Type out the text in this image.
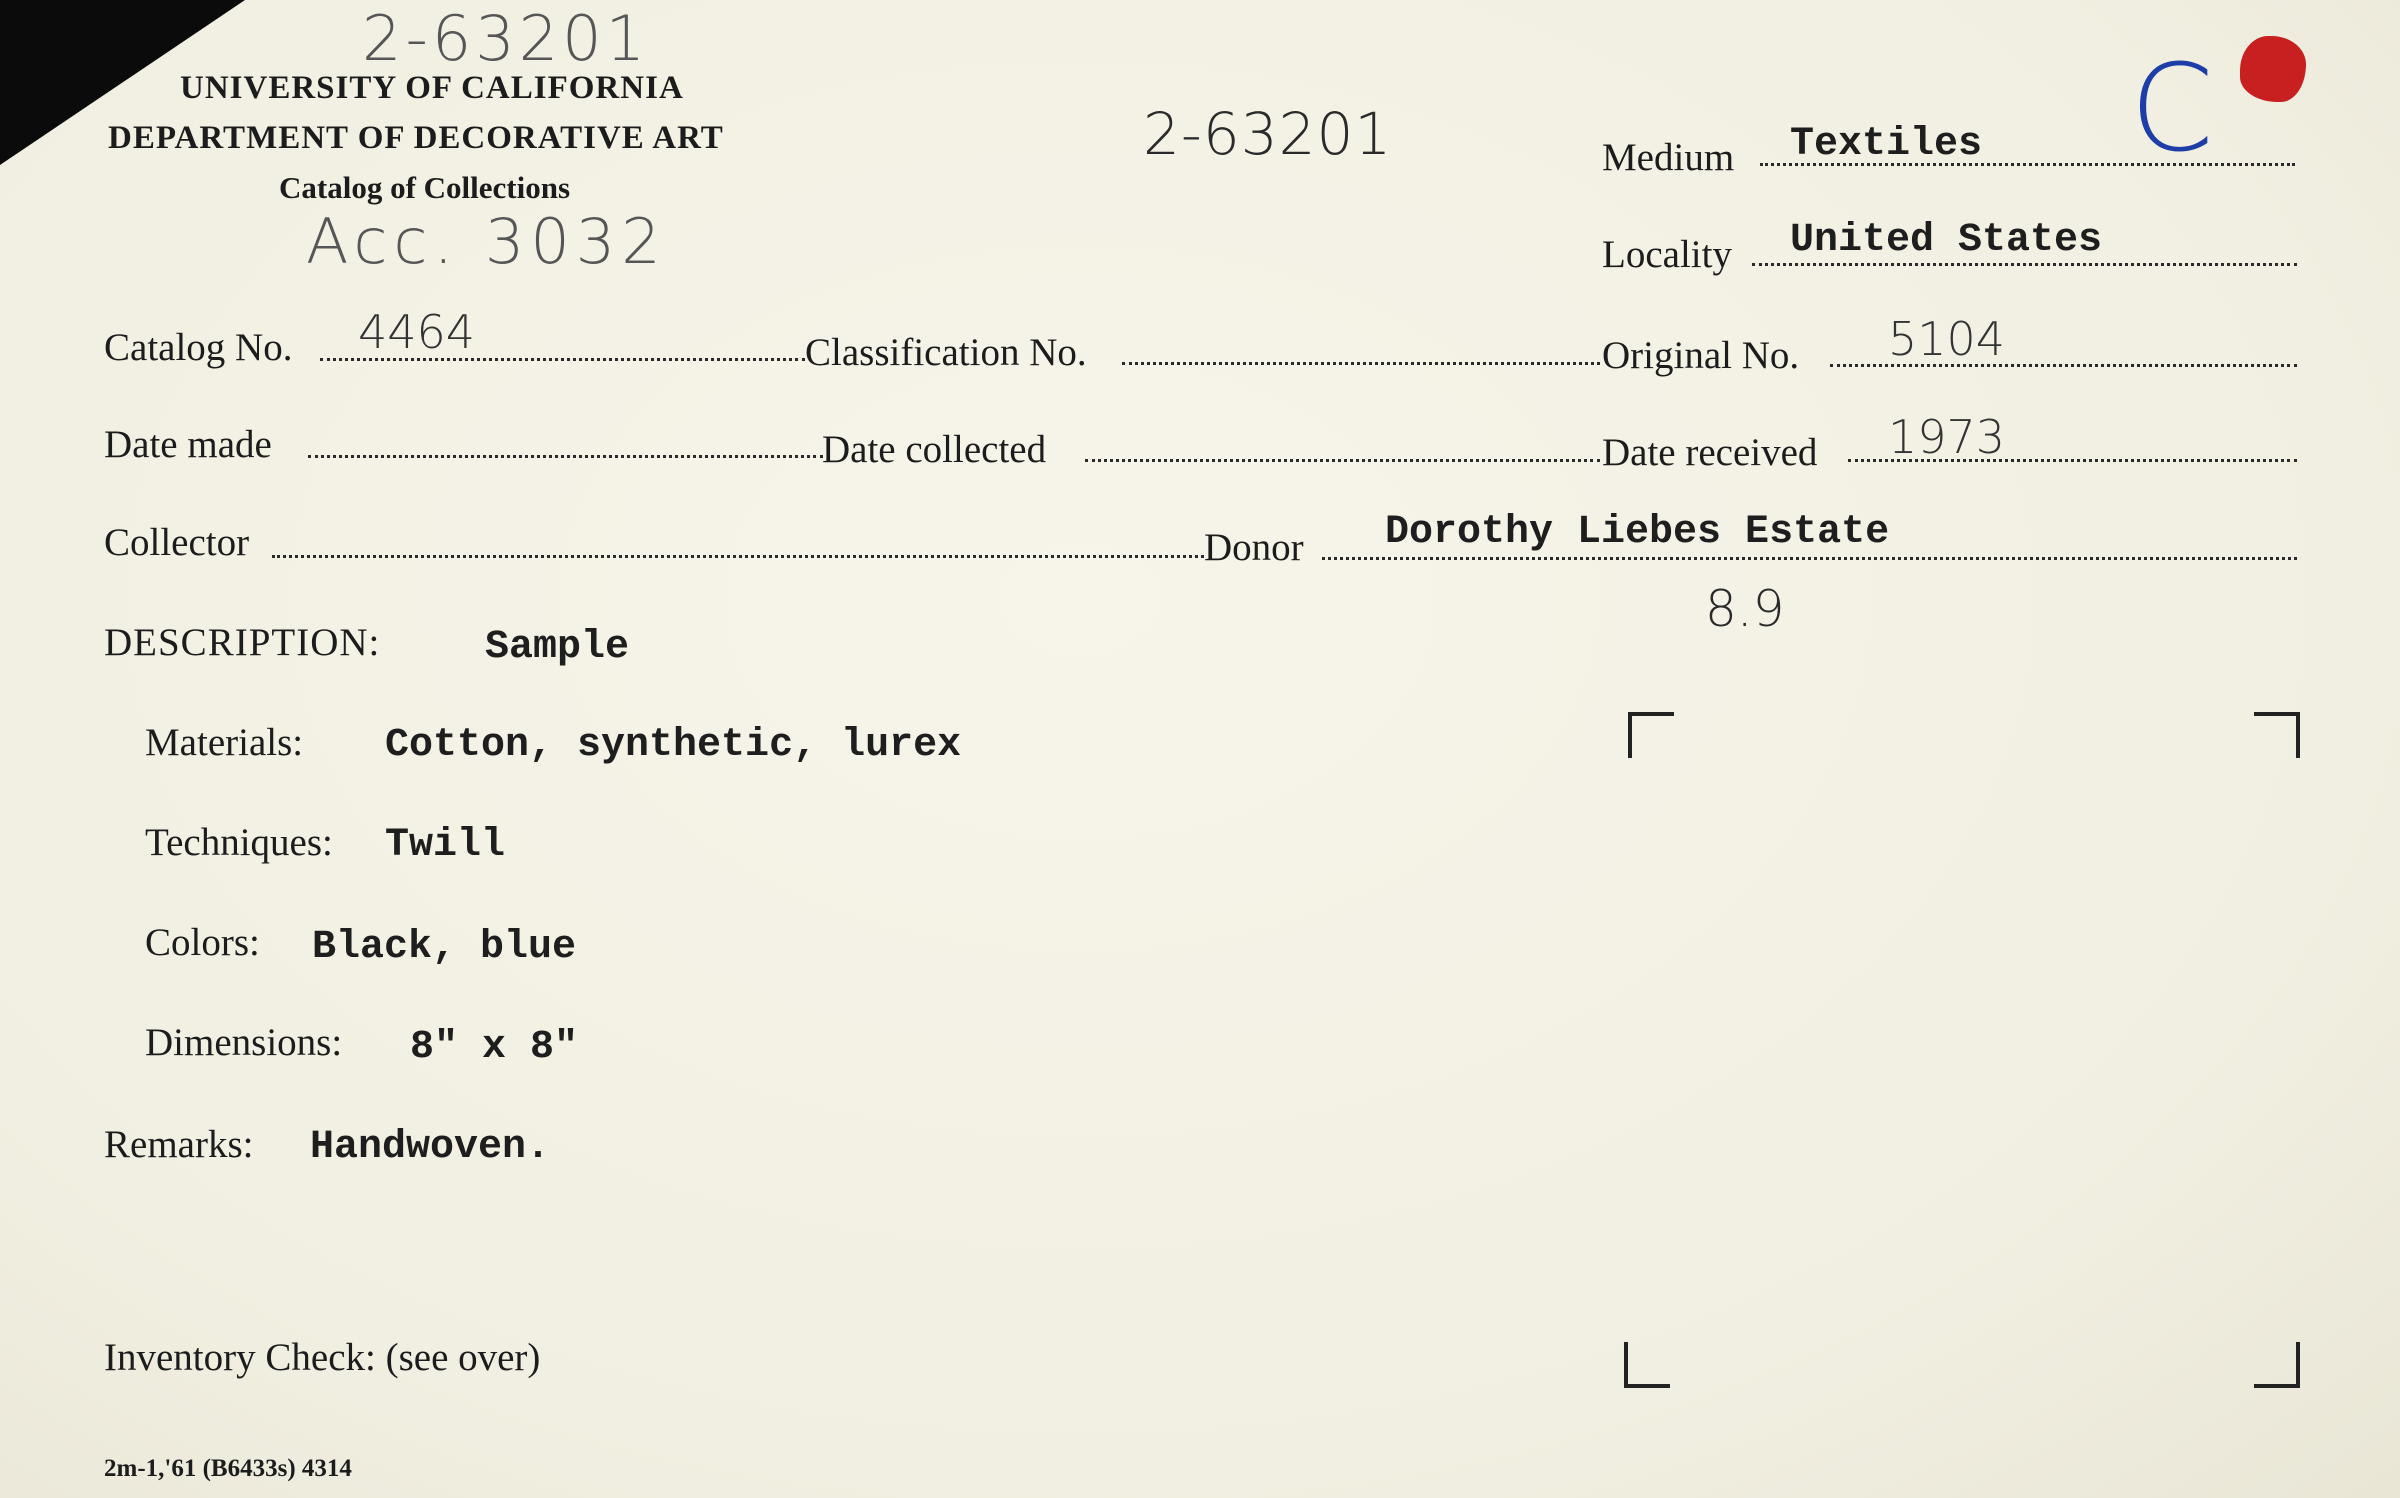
2-63201
Acc. 3032
2-63201	C
8.9
UNIVERSITY OF CALIFORNIA
DEPARTMENT OF DECORATIVE ART
Catalog of Collections
Medium Textiles
Locality United States
Catalog No. 4464	Classification No.	Original No. 5104
Date made	Date collected	Date received 1973
Collector	Donor Dorothy Liebes Estate
DESCRIPTION:	Sample
Materials: Cotton, synthetic, lurex
Techniques: Twill
Colors: Black, blue
Dimensions: 8" x 8"
Remarks: Handwoven.
Inventory Check: (see over)
2m-1,'61 (B6433s) 4314
